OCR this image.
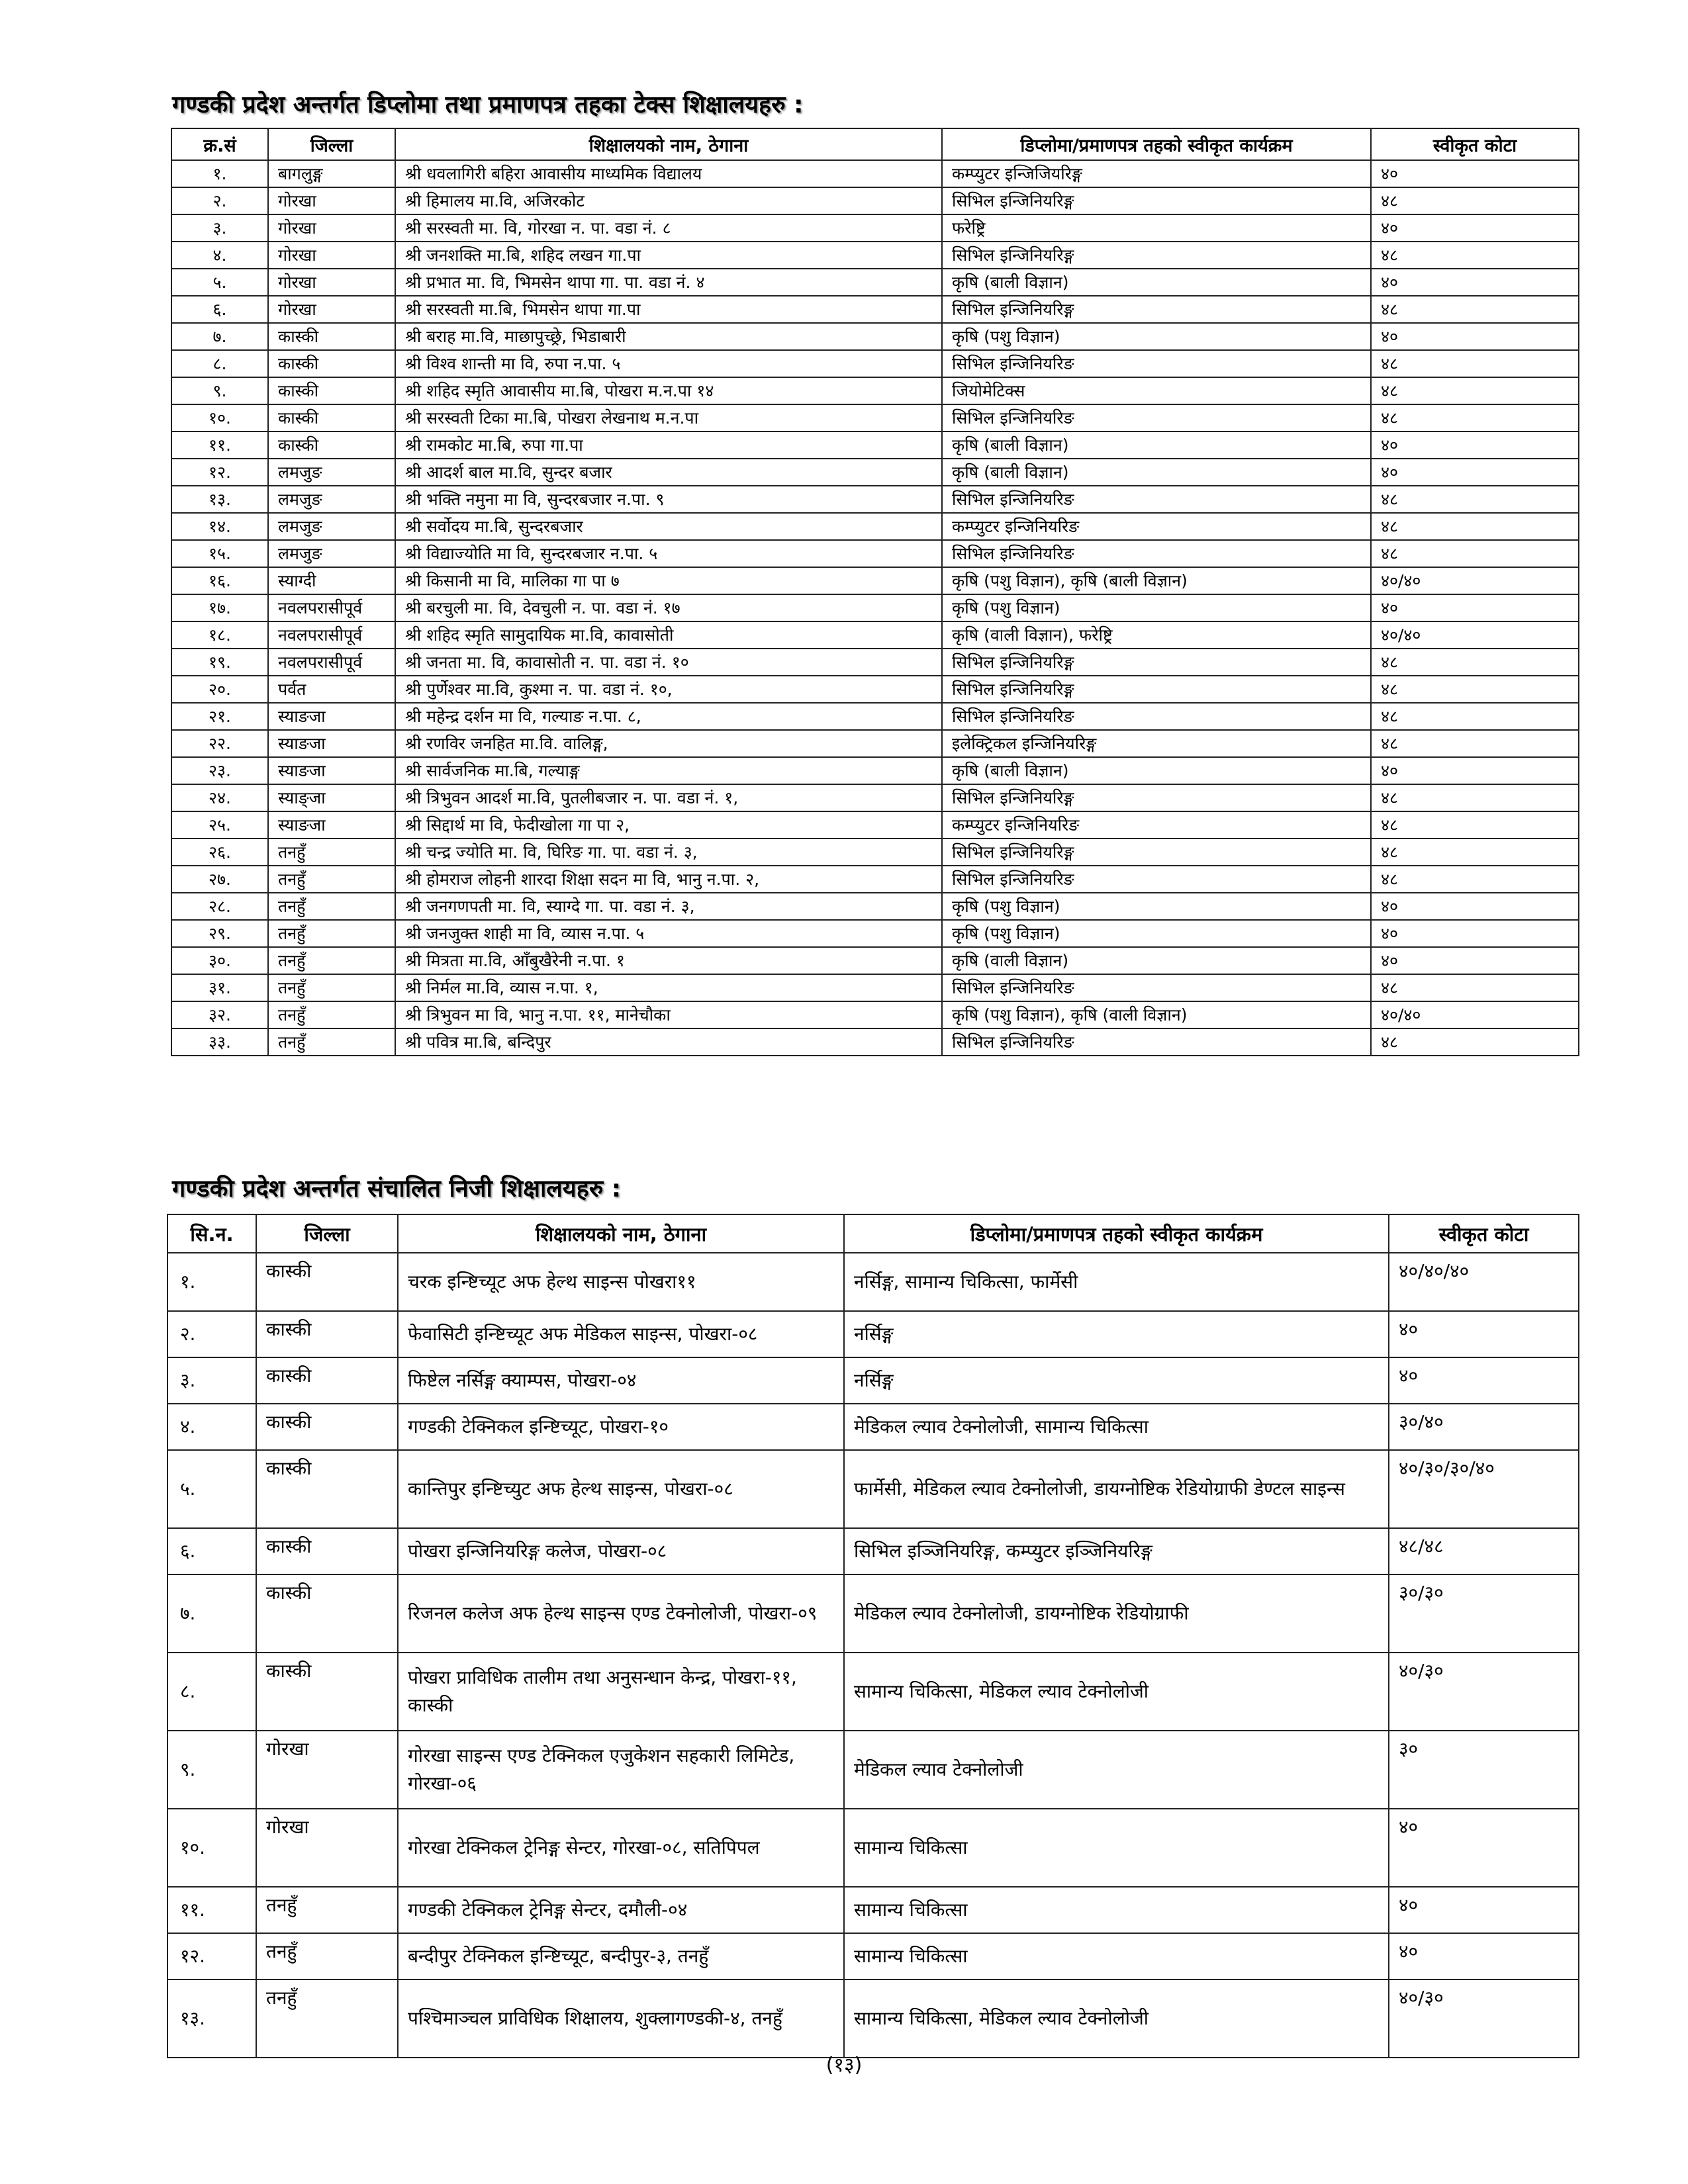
गण्डकी प्रदेश अन्तर्गत डिप्लोमा तथा प्रमाणपत्र तहका टेक्स शिक्षालयहरु :
क्र.सं	जिल्ला	शिक्षालयको नाम, ठेगाना	डिप्लोमा/प्रमाणपत्र तहको स्वीकृत कार्यक्रम	स्वीकृत कोटा
१.	बागलुङ्ग	श्री धवलागिरी बहिरा आवासीय माध्यमिक विद्यालय	कम्प्युटर इन्जिजियरिङ्ग	४०
२.	गोरखा	श्री हिमालय मा.वि, अजिरकोट	सिभिल इन्जिनियरिङ्ग	४८
३.	गोरखा	श्री सरस्वती मा. वि, गोरखा न. पा. वडा नं. ८	फरेष्ट्रि	४०
४.	गोरखा	श्री जनशक्ति मा.बि, शहिद लखन गा.पा	सिभिल इन्जिनियरिङ्ग	४८
५.	गोरखा	श्री प्रभात मा. वि, भिमसेन थापा गा. पा. वडा नं. ४	कृषि (बाली विज्ञान)	४०
६.	गोरखा	श्री सरस्वती मा.बि, भिमसेन थापा गा.पा	सिभिल इन्जिनियरिङ्ग	४८
७.	कास्की	श्री बराह मा.वि, माछापुच्छ्रे, भिडाबारी	कृषि (पशु विज्ञान)	४०
८.	कास्की	श्री विश्व शान्ती मा वि, रुपा न.पा. ५	सिभिल इन्जिनियरिङ	४८
९.	कास्की	श्री शहिद स्मृति आवासीय मा.बि, पोखरा म.न.पा १४	जियोमेटिक्स	४८
१०.	कास्की	श्री सरस्वती टिका मा.बि, पोखरा लेखनाथ म.न.पा	सिभिल इन्जिनियरिङ	४८
११.	कास्की	श्री रामकोट मा.बि, रुपा गा.पा	कृषि (बाली विज्ञान)	४०
१२.	लमजुङ	श्री आदर्श बाल मा.वि, सुन्दर बजार	कृषि (बाली विज्ञान)	४०
१३.	लमजुङ	श्री भक्ति नमुना मा वि, सुन्दरबजार न.पा. ९	सिभिल इन्जिनियरिङ	४८
१४.	लमजुङ	श्री सर्वोदय मा.बि, सुन्दरबजार	कम्प्युटर इन्जिनियरिङ	४८
१५.	लमजुङ	श्री विद्याज्योति मा वि, सुन्दरबजार न.पा. ५	सिभिल इन्जिनियरिङ	४८
१६.	स्याग्दी	श्री किसानी मा वि, मालिका गा पा ७	कृषि (पशु विज्ञान), कृषि (बाली विज्ञान)	४०/४०
१७.	नवलपरासीपूर्व	श्री बरचुली मा. वि, देवचुली न. पा. वडा नं. १७	कृषि (पशु विज्ञान)	४०
१८.	नवलपरासीपूर्व	श्री शहिद स्मृति सामुदायिक मा.वि, कावासोती	कृषि (वाली विज्ञान), फरेष्ट्रि	४०/४०
१९.	नवलपरासीपूर्व	श्री जनता मा. वि, कावासोती न. पा. वडा नं. १०	सिभिल इन्जिनियरिङ्ग	४८
२०.	पर्वत	श्री पुर्णेश्वर मा.वि, कुश्मा न. पा. वडा नं. १०,	सिभिल इन्जिनियरिङ्ग	४८
२१.	स्याङजा	श्री महेन्द्र दर्शन मा वि, गल्याङ न.पा. ८,	सिभिल इन्जिनियरिङ	४८
२२.	स्याङजा	श्री रणविर जनहित मा.वि. वालिङ्ग,	इलेक्ट्रिकल इन्जिनियरिङ्ग	४८
२३.	स्याङजा	श्री सार्वजनिक मा.बि, गल्याङ्ग	कृषि (बाली विज्ञान)	४०
२४.	स्याङ्जा	श्री त्रिभुवन आदर्श मा.वि, पुतलीबजार न. पा. वडा नं. १,	सिभिल इन्जिनियरिङ्ग	४८
२५.	स्याङजा	श्री सिद्दार्थ मा वि, फेदीखोला गा पा २,	कम्प्युटर इन्जिनियरिङ	४८
२६.	तनहुँ	श्री चन्द्र ज्योति मा. वि, घिरिङ गा. पा. वडा नं. ३,	सिभिल इन्जिनियरिङ्ग	४८
२७.	तनहुँ	श्री होमराज लोहनी शारदा शिक्षा सदन मा वि, भानु न.पा. २,	सिभिल इन्जिनियरिङ	४८
२८.	तनहुँ	श्री जनगणपती मा. वि, स्याग्दे गा. पा. वडा नं. ३,	कृषि (पशु विज्ञान)	४०
२९.	तनहुँ	श्री जनजुक्त शाही मा वि, व्यास न.पा. ५	कृषि (पशु विज्ञान)	४०
३०.	तनहुँ	श्री मित्रता मा.वि, आँबुखैरेनी न.पा. १	कृषि (वाली विज्ञान)	४०
३१.	तनहुँ	श्री निर्मल मा.वि, व्यास न.पा. १,	सिभिल इन्जिनियरिङ	४८
३२.	तनहुँ	श्री त्रिभुवन मा वि, भानु न.पा. ११, मानेचौका	कृषि (पशु विज्ञान), कृषि (वाली विज्ञान)	४०/४०
३३.	तनहुँ	श्री पवित्र मा.बि, बन्दिपुर	सिभिल इन्जिनियरिङ	४८
गण्डकी प्रदेश अन्तर्गत संचालित निजी शिक्षालयहरु :
सि.न.	जिल्ला	शिक्षालयको नाम, ठेगाना	डिप्लोमा/प्रमाणपत्र तहको स्वीकृत कार्यक्रम	स्वीकृत कोटा
१.	कास्की	चरक इन्ष्टिच्यूट अफ हेल्थ साइन्स पोखरा११	नर्सिङ्ग, सामान्य चिकित्सा, फार्मेसी	४०/४०/४०
२.	कास्की	फेवासिटी इन्ष्टिच्यूट अफ मेडिकल साइन्स, पोखरा-०८	नर्सिङ्ग	४०
३.	कास्की	फिष्टेल नर्सिङ्ग क्याम्पस, पोखरा-०४	नर्सिङ्ग	४०
४.	कास्की	गण्डकी टेक्निकल इन्ष्टिच्यूट, पोखरा-१०	मेडिकल ल्याव टेक्नोलोजी, सामान्य चिकित्सा	३०/४०
५.	कास्की	कान्तिपुर इन्ष्टिच्युट अफ हेल्थ साइन्स, पोखरा-०८	फार्मेसी, मेडिकल ल्याव टेक्नोलोजी, डायग्नोष्टिक रेडियोग्राफी डेण्टल साइन्स	४०/३०/३०/४०
६.	कास्की	पोखरा इन्जिनियरिङ्ग कलेज, पोखरा-०८	सिभिल इञ्जिनियरिङ्ग, कम्प्युटर इञ्जिनियरिङ्ग	४८/४८
७.	कास्की	रिजनल कलेज अफ हेल्थ साइन्स एण्ड टेक्नोलोजी, पोखरा-०९	मेडिकल ल्याव टेक्नोलोजी, डायग्नोष्टिक रेडियोग्राफी	३०/३०
८.	कास्की	पोखरा प्राविधिक तालीम तथा अनुसन्धान केन्द्र, पोखरा-११, कास्की	सामान्य चिकित्सा, मेडिकल ल्याव टेक्नोलोजी	४०/३०
९.	गोरखा	गोरखा साइन्स एण्ड टेक्निकल एजुकेशन सहकारी लिमिटेड, गोरखा-०६	मेडिकल ल्याव टेक्नोलोजी	३०
१०.	गोरखा	गोरखा टेक्निकल ट्रेनिङ्ग सेन्टर, गोरखा-०८, सतिपिपल	सामान्य चिकित्सा	४०
११.	तनहुँ	गण्डकी टेक्निकल ट्रेनिङ्ग सेन्टर, दमौली-०४	सामान्य चिकित्सा	४०
१२.	तनहुँ	बन्दीपुर टेक्निकल इन्ष्टिच्यूट, बन्दीपुर-३, तनहुँ	सामान्य चिकित्सा	४०
१३.	तनहुँ	पश्चिमाञ्चल प्राविधिक शिक्षालय, शुक्लागण्डकी-४, तनहुँ	सामान्य चिकित्सा, मेडिकल ल्याव टेक्नोलोजी	४०/३०
(१३)
